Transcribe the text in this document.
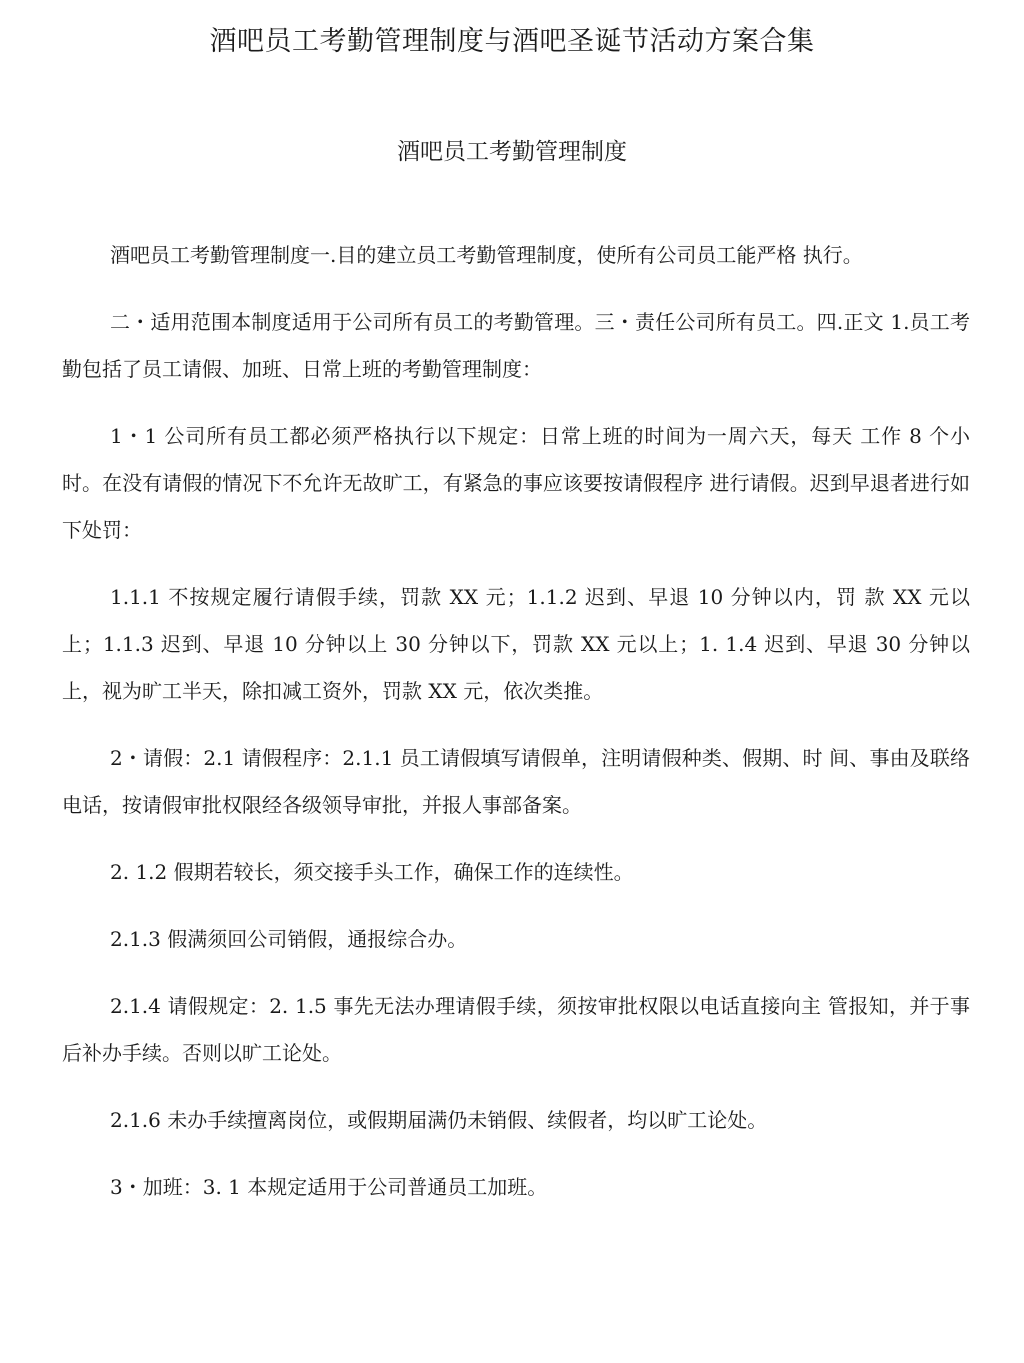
酒吧员工考勤管理制度与酒吧圣诞节活动方案合集
酒吧员工考勤管理制度

酒吧员工考勤管理制度一.目的建立员工考勤管理制度，使所有公司员工能严格 执行。

二・适用范围本制度适用于公司所有员工的考勤管理。三・责任公司所有员工。四.正文 1.员工考勤包括了员工请假、加班、日常上班的考勤管理制度：

1・1 公司所有员工都必须严格执行以下规定：日常上班的时间为一周六天，每天 工作 8 个小时。在没有请假的情况下不允许无故旷工，有紧急的事应该要按请假程序 进行请假。迟到早退者进行如下处罚：

1.1.1 不按规定履行请假手续，罚款 XX 元；1.1.2 迟到、早退 10 分钟以内，罚 款 XX 元以上；1.1.3 迟到、早退 10 分钟以上 30 分钟以下，罚款 XX 元以上；1. 1.4 迟到、早退 30 分钟以上，视为旷工半天，除扣减工资外，罚款 XX 元，依次类推。

2・请假：2.1 请假程序：2.1.1 员工请假填写请假单，注明请假种类、假期、时 间、事由及联络电话，按请假审批权限经各级领导审批，并报人事部备案。

2. 1.2 假期若较长，须交接手头工作，确保工作的连续性。

2.1.3 假满须回公司销假，通报综合办。

2.1.4 请假规定：2. 1.5 事先无法办理请假手续，须按审批权限以电话直接向主 管报知，并于事后补办手续。否则以旷工论处。

2.1.6 未办手续擅离岗位，或假期届满仍未销假、续假者，均以旷工论处。

3・加班：3. 1 本规定适用于公司普通员工加班。
